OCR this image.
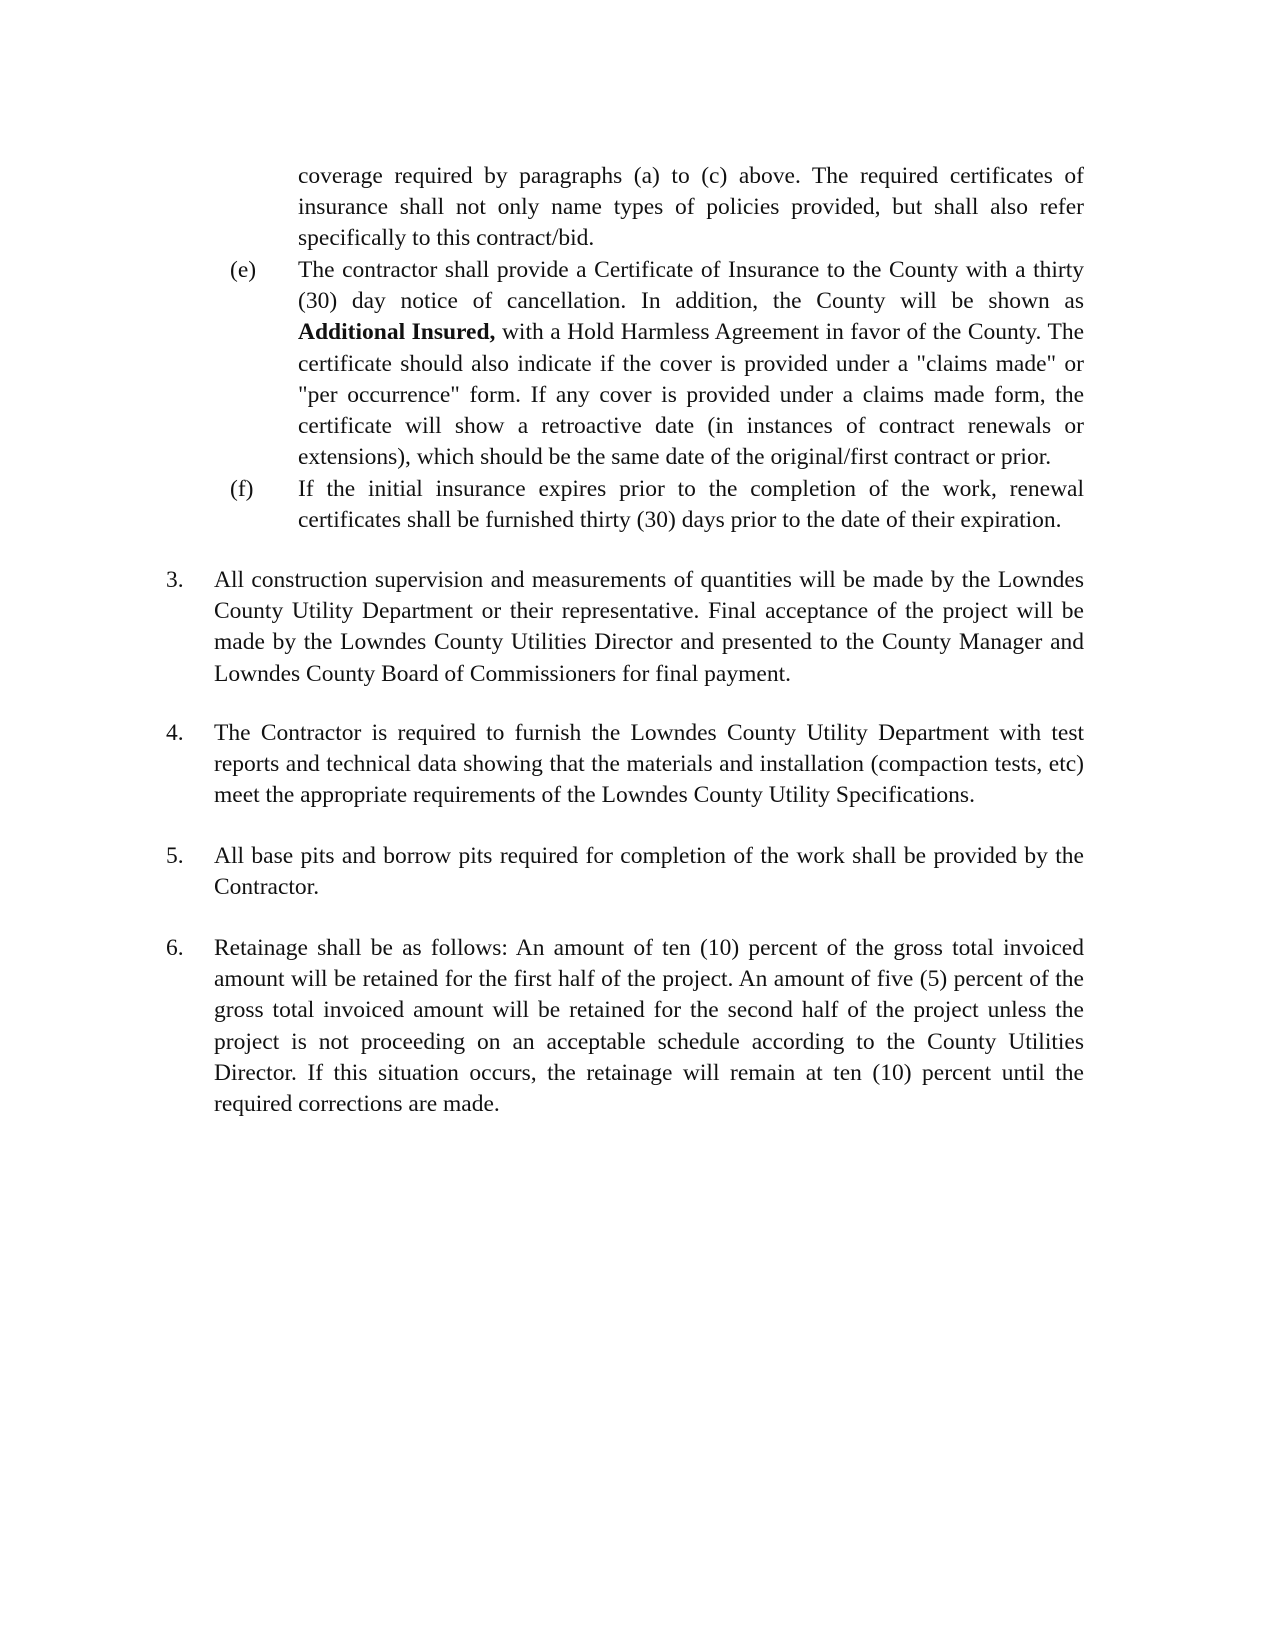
coverage required by paragraphs (a) to (c) above. The required certificates of insurance shall not only name types of policies provided, but shall also refer specifically to this contract/bid.

(e) The contractor shall provide a Certificate of Insurance to the County with a thirty (30) day notice of cancellation. In addition, the County will be shown as Additional Insured, with a Hold Harmless Agreement in favor of the County. The certificate should also indicate if the cover is provided under a "claims made" or "per occurrence" form. If any cover is provided under a claims made form, the certificate will show a retroactive date (in instances of contract renewals or extensions), which should be the same date of the original/first contract or prior.
(f) If the initial insurance expires prior to the completion of the work, renewal certificates shall be furnished thirty (30) days prior to the date of their expiration.
3. All construction supervision and measurements of quantities will be made by the Lowndes County Utility Department or their representative. Final acceptance of the project will be made by the Lowndes County Utilities Director and presented to the County Manager and Lowndes County Board of Commissioners for final payment.
4. The Contractor is required to furnish the Lowndes County Utility Department with test reports and technical data showing that the materials and installation (compaction tests, etc) meet the appropriate requirements of the Lowndes County Utility Specifications.
5. All base pits and borrow pits required for completion of the work shall be provided by the Contractor.
6. Retainage shall be as follows: An amount of ten (10) percent of the gross total invoiced amount will be retained for the first half of the project. An amount of five (5) percent of the gross total invoiced amount will be retained for the second half of the project unless the project is not proceeding on an acceptable schedule according to the County Utilities Director. If this situation occurs, the retainage will remain at ten (10) percent until the required corrections are made.
